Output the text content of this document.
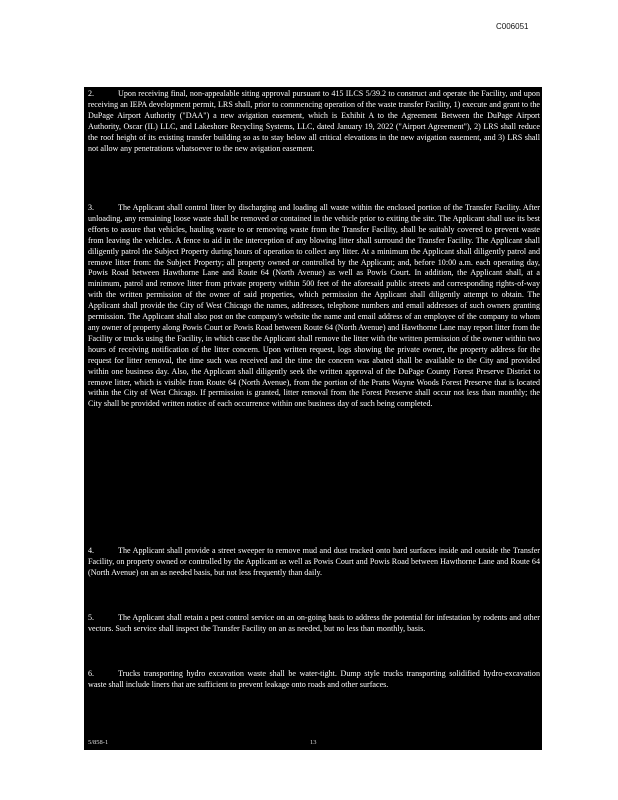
C006051

2.	Upon receiving final, non-appealable siting approval pursuant to 415 ILCS 5/39.2 to construct and operate the Facility, and upon receiving an IEPA development permit, LRS shall, prior to commencing operation of the waste transfer Facility, 1) execute and grant to the DuPage Airport Authority ("DAA") a new avigation easement, which is Exhibit A to the Agreement Between the DuPage Airport Authority, Oscar (IL) LLC, and Lakeshore Recycling Systems, LLC, dated January 19, 2022 ("Airport Agreement"), 2) LRS shall reduce the roof height of its existing transfer building so as to stay below all critical elevations in the new avigation easement, and 3) LRS shall not allow any penetrations whatsoever to the new avigation easement.

3.	The Applicant shall control litter by discharging and loading all waste within the enclosed portion of the Transfer Facility. After unloading, any remaining loose waste shall be removed or contained in the vehicle prior to exiting the site. The Applicant shall use its best efforts to assure that vehicles, hauling waste to or removing waste from the Transfer Facility, shall be suitably covered to prevent waste from leaving the vehicles. A fence to aid in the interception of any blowing litter shall surround the Transfer Facility. The Applicant shall diligently patrol the Subject Property during hours of operation to collect any litter. At a minimum the Applicant shall diligently patrol and remove litter from: the Subject Property; all property owned or controlled by the Applicant; and, before 10:00 a.m. each operating day, Powis Road between Hawthorne Lane and Route 64 (North Avenue) as well as Powis Court. In addition, the Applicant shall, at a minimum, patrol and remove litter from private property within 500 feet of the aforesaid public streets and corresponding rights-of-way with the written permission of the owner of said properties, which permission the Applicant shall diligently attempt to obtain. The Applicant shall provide the City of West Chicago the names, addresses, telephone numbers and email addresses of such owners granting permission. The Applicant shall also post on the company's website the name and email address of an employee of the company to whom any owner of property along Powis Court or Powis Road between Route 64 (North Avenue) and Hawthorne Lane may report litter from the Facility or trucks using the Facility, in which case the Applicant shall remove the litter with the written permission of the owner within two hours of receiving notification of the litter concern. Upon written request, logs showing the private owner, the property address for the request for litter removal, the time such was received and the time the concern was abated shall be available to the City and provided within one business day. Also, the Applicant shall diligently seek the written approval of the DuPage County Forest Preserve District to remove litter, which is visible from Route 64 (North Avenue), from the portion of the Pratts Wayne Woods Forest Preserve that is located within the City of West Chicago. If permission is granted, litter removal from the Forest Preserve shall occur not less than monthly; the City shall be provided written notice of each occurrence within one business day of such being completed.

4.	The Applicant shall provide a street sweeper to remove mud and dust tracked onto hard surfaces inside and outside the Transfer Facility, on property owned or controlled by the Applicant as well as Powis Court and Powis Road between Hawthorne Lane and Route 64 (North Avenue) on an as needed basis, but not less frequently than daily.

5.	The Applicant shall retain a pest control service on an on-going basis to address the potential for infestation by rodents and other vectors. Such service shall inspect the Transfer Facility on an as needed, but no less than monthly, basis.

6.	Trucks transporting hydro excavation waste shall be water-tight. Dump style trucks transporting solidified hydro-excavation waste shall include liners that are sufficient to prevent leakage onto roads and other surfaces.

5/858-1	13
